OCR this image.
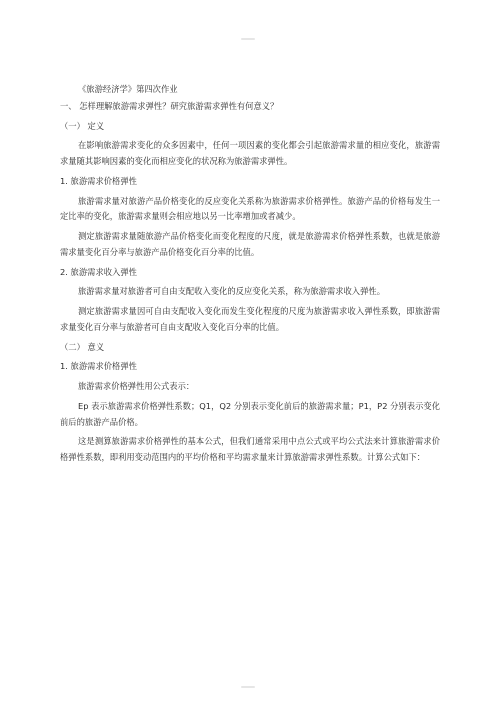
《旅游经济学》第四次作业

一、 怎样理解旅游需求弹性？研究旅游需求弹性有何意义？

（一） 定义

在影响旅游需求变化的众多因素中，任何一项因素的变化都会引起旅游需求量的相应变化，旅游需求量随其影响因素的变化而相应变化的状况称为旅游需求弹性。

1. 旅游需求价格弹性

旅游需求量对旅游产品价格变化的反应变化关系称为旅游需求价格弹性。旅游产品的价格每发生一定比率的变化，旅游需求量则会相应地以另一比率增加或者减少。

测定旅游需求量随旅游产品价格变化而变化程度的尺度，就是旅游需求价格弹性系数，也就是旅游需求量变化百分率与旅游产品价格变化百分率的比值。

2. 旅游需求收入弹性

旅游需求量对旅游者可自由支配收入变化的反应变化关系，称为旅游需求收入弹性。

测定旅游需求量因可自由支配收入变化而发生变化程度的尺度为旅游需求收入弹性系数，即旅游需求量变化百分率与旅游者可自由支配收入变化百分率的比值。

（二） 意义

1. 旅游需求价格弹性

旅游需求价格弹性用公式表示：

Ep 表示旅游需求价格弹性系数；Q1，Q2 分别表示变化前后的旅游需求量；P1，P2 分别表示变化前后的旅游产品价格。

这是测算旅游需求价格弹性的基本公式，但我们通常采用中点公式或平均公式法来计算旅游需求价格弹性系数，即利用变动范围内的平均价格和平均需求量来计算旅游需求弹性系数。计算公式如下：
